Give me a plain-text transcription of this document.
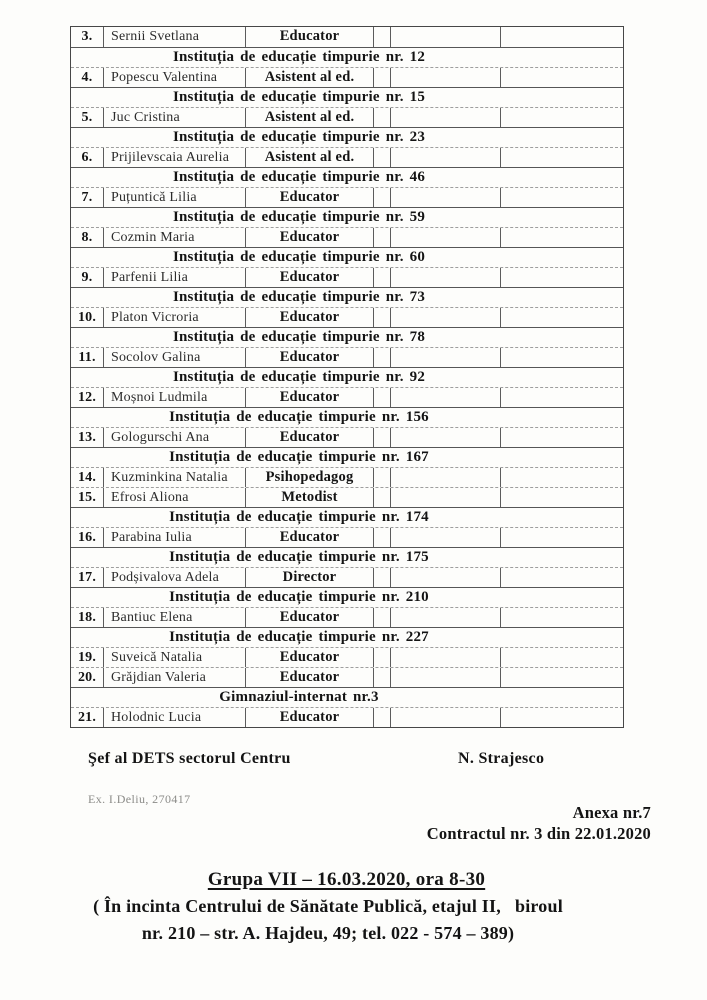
3.	Sernii Svetlana	Educator
Instituția de educație timpurie nr. 12
4.	Popescu Valentina	Asistent al ed.
Instituția de educație timpurie nr. 15
5.	Juc Cristina	Asistent al ed.
Instituția de educație timpurie nr. 23
6.	Prijilevscaia Aurelia	Asistent al ed.
Instituția de educație timpurie nr. 46
7.	Puțuntică Lilia	Educator
Instituția de educație timpurie nr. 59
8.	Cozmin Maria	Educator
Instituția de educație timpurie nr. 60
9.	Parfenii Lilia	Educator
Instituția de educație timpurie nr. 73
10.	Platon Vicroria	Educator
Instituția de educație timpurie nr. 78
11.	Socolov Galina	Educator
Instituția de educație timpurie nr. 92
12.	Moșnoi Ludmila	Educator
Instituția de educație timpurie nr. 156
13.	Gologurschi Ana	Educator
Instituția de educație timpurie nr. 167
14.	Kuzminkina Natalia	Psihopedagog
15.	Efrosi Aliona	Metodist
Instituția de educație timpurie nr. 174
16.	Parabina Iulia	Educator
Instituția de educație timpurie nr. 175
17.	Podșivalova Adela	Director
Instituția de educație timpurie nr. 210
18.	Bantiuc Elena	Educator
Instituția de educație timpurie nr. 227
19.	Suveică Natalia	Educator
20.	Grăjdian Valeria	Educator
Gimnaziul-internat nr.3
21.	Holodnic Lucia	Educator
Şef al DETS sectorul Centru	N. Strajesco
Ex. I.Deliu, 270417
Anexa nr.7
Contractul nr. 3 din 22.01.2020
Grupa VII – 16.03.2020, ora 8-30
( În incinta Centrului de Sănătate Publică, etajul II,   biroul
nr. 210 – str. A. Hajdeu, 49; tel. 022 - 574 – 389)
